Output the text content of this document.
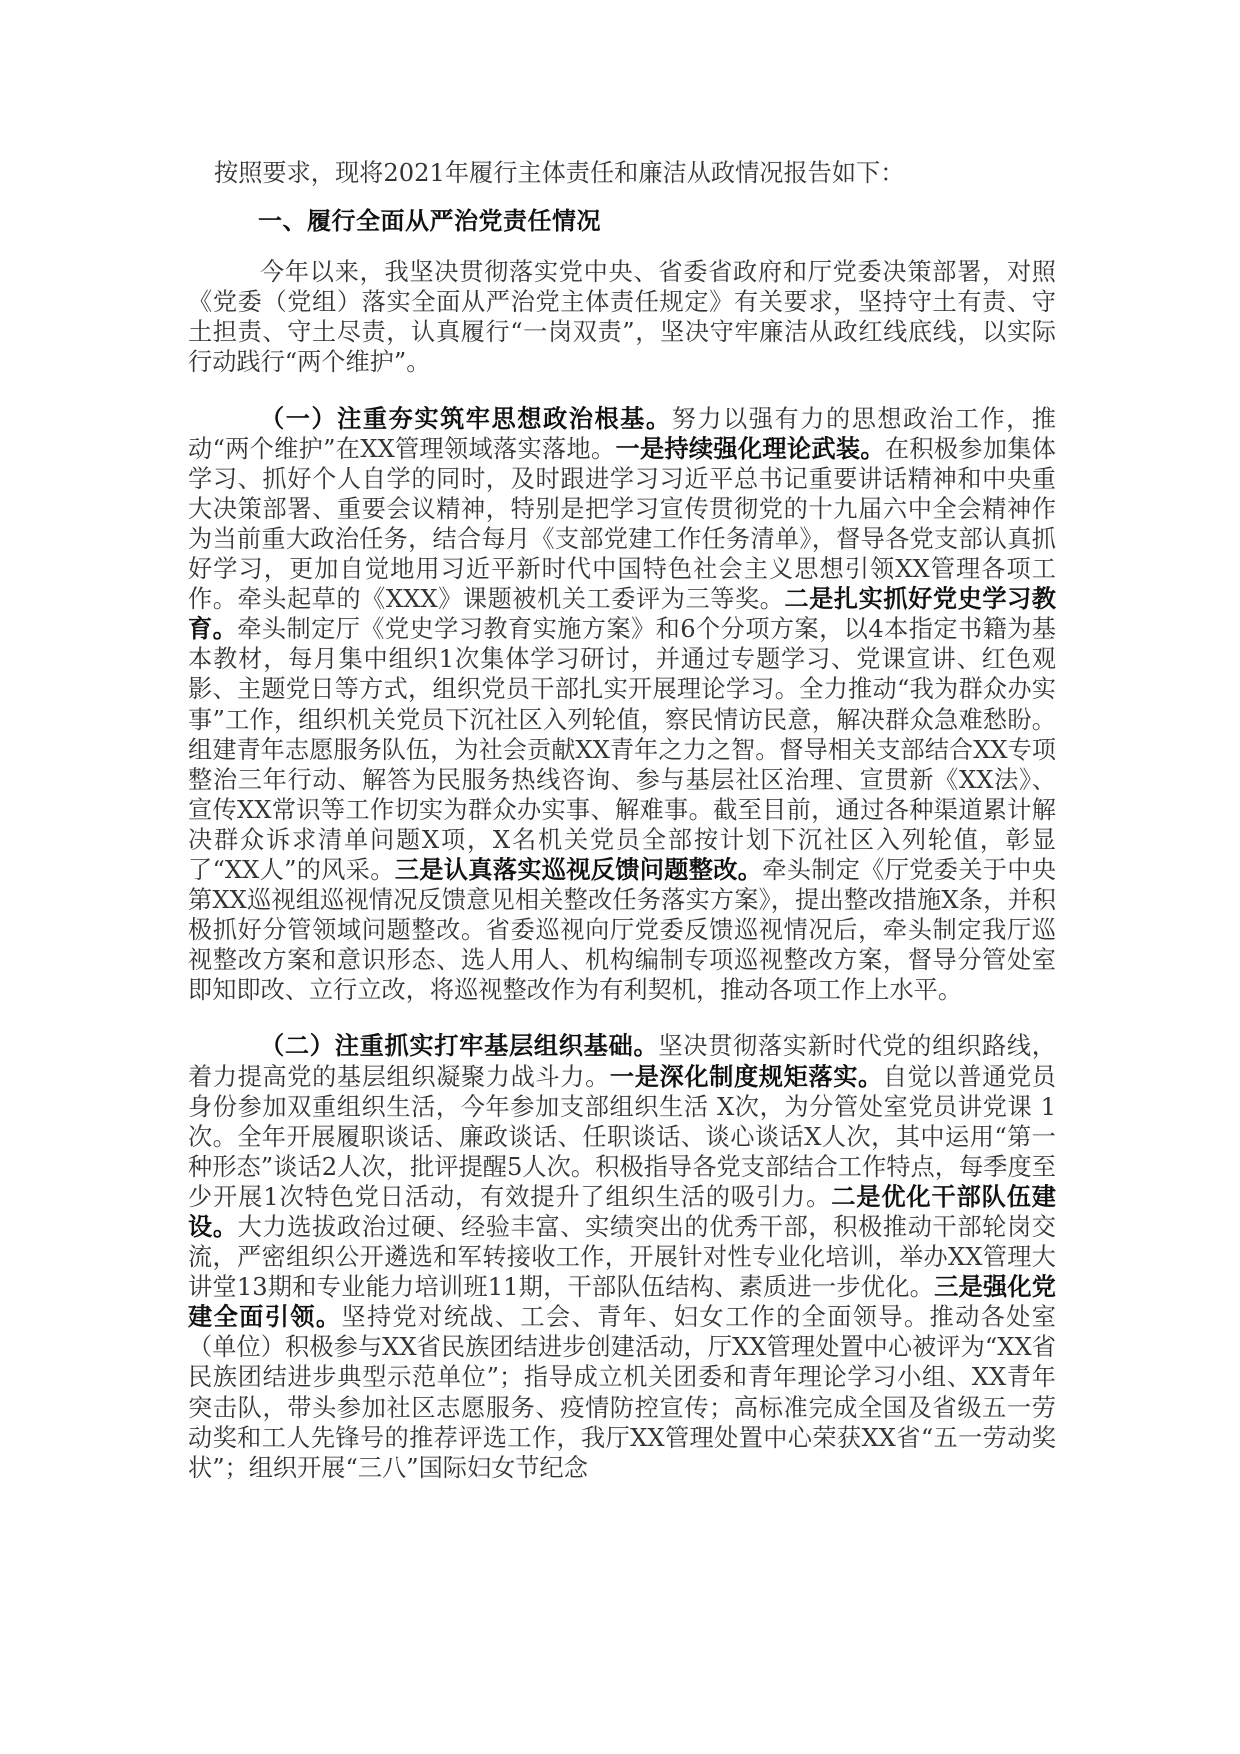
按照要求，现将2021年履行主体责任和廉洁从政情况报告如下：

一、履行全面从严治党责任情况

今年以来，我坚决贯彻落实党中央、省委省政府和厅党委决策部署，对照《党委（党组）落实全面从严治党主体责任规定》有关要求，坚持守土有责、守土担责、守土尽责，认真履行“一岗双责”，坚决守牢廉洁从政红线底线，以实际行动践行“两个维护”。

（一）注重夯实筑牢思想政治根基。努力以强有力的思想政治工作，推动“两个维护”在XX管理领域落实落地。一是持续强化理论武装。在积极参加集体学习、抓好个人自学的同时，及时跟进学习习近平总书记重要讲话精神和中央重大决策部署、重要会议精神，特别是把学习宣传贯彻党的十九届六中全会精神作为当前重大政治任务，结合每月《支部党建工作任务清单》，督导各党支部认真抓好学习，更加自觉地用习近平新时代中国特色社会主义思想引领XX管理各项工作。牵头起草的《XXX》课题被机关工委评为三等奖。二是扎实抓好党史学习教育。牵头制定厅《党史学习教育实施方案》和6个分项方案，以4本指定书籍为基本教材，每月集中组织1次集体学习研讨，并通过专题学习、党课宣讲、红色观影、主题党日等方式，组织党员干部扎实开展理论学习。全力推动“我为群众办实事”工作，组织机关党员下沉社区入列轮值，察民情访民意，解决群众急难愁盼。组建青年志愿服务队伍，为社会贡献XX青年之力之智。督导相关支部结合XX专项整治三年行动、解答为民服务热线咨询、参与基层社区治理、宣贯新《XX法》、宣传XX常识等工作切实为群众办实事、解难事。截至目前，通过各种渠道累计解决群众诉求清单问题X项，X名机关党员全部按计划下沉社区入列轮值，彰显了“XX人”的风采。三是认真落实巡视反馈问题整改。牵头制定《厅党委关于中央第XX巡视组巡视情况反馈意见相关整改任务落实方案》，提出整改措施X条，并积极抓好分管领域问题整改。省委巡视向厅党委反馈巡视情况后，牵头制定我厅巡视整改方案和意识形态、选人用人、机构编制专项巡视整改方案，督导分管处室即知即改、立行立改，将巡视整改作为有利契机，推动各项工作上水平。

（二）注重抓实打牢基层组织基础。坚决贯彻落实新时代党的组织路线，着力提高党的基层组织凝聚力战斗力。一是深化制度规矩落实。自觉以普通党员身份参加双重组织生活，今年参加支部组织生活 X次，为分管处室党员讲党课 1 次。全年开展履职谈话、廉政谈话、任职谈话、谈心谈话X人次，其中运用“第一种形态”谈话2人次，批评提醒5人次。积极指导各党支部结合工作特点，每季度至少开展1次特色党日活动，有效提升了组织生活的吸引力。二是优化干部队伍建设。大力选拔政治过硬、经验丰富、实绩突出的优秀干部，积极推动干部轮岗交流，严密组织公开遴选和军转接收工作，开展针对性专业化培训，举办XX管理大讲堂13期和专业能力培训班11期，干部队伍结构、素质进一步优化。三是强化党建全面引领。坚持党对统战、工会、青年、妇女工作的全面领导。推动各处室（单位）积极参与XX省民族团结进步创建活动，厅XX管理处置中心被评为“XX省民族团结进步典型示范单位”；指导成立机关团委和青年理论学习小组、XX青年突击队，带头参加社区志愿服务、疫情防控宣传；高标准完成全国及省级五一劳动奖和工人先锋号的推荐评选工作，我厅XX管理处置中心荣获XX省“五一劳动奖状”；组织开展“三八”国际妇女节纪念
